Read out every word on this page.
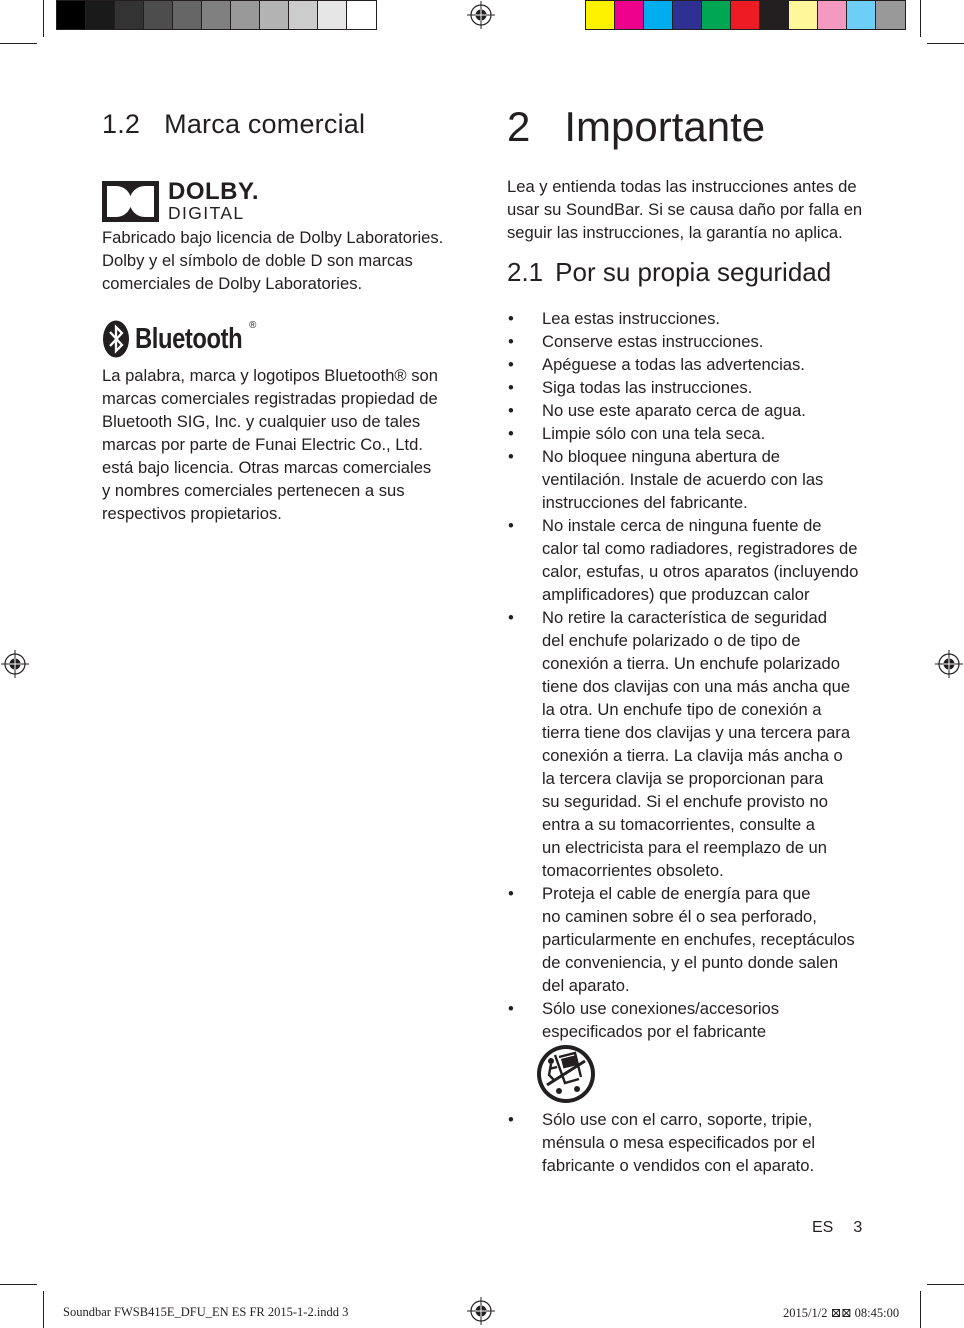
1.2 Marca comercial
DOLBY.
DIGITAL
Fabricado bajo licencia de Dolby Laboratories.
Dolby y el símbolo de doble D son marcas
comerciales de Dolby Laboratories.
Bluetooth ®
La palabra, marca y logotipos Bluetooth® son
marcas comerciales registradas propiedad de
Bluetooth SIG, Inc. y cualquier uso de tales
marcas por parte de Funai Electric Co., Ltd.
está bajo licencia. Otras marcas comerciales
y nombres comerciales pertenecen a sus
respectivos propietarios.
2 Importante
Lea y entienda todas las instrucciones antes de
usar su SoundBar. Si se causa daño por falla en
seguir las instrucciones, la garantía no aplica.
2.1 Por su propia seguridad
• Lea estas instrucciones.
• Conserve estas instrucciones.
• Apéguese a todas las advertencias.
• Siga todas las instrucciones.
• No use este aparato cerca de agua.
• Limpie sólo con una tela seca.
• No bloquee ninguna abertura de
ventilación. Instale de acuerdo con las
instrucciones del fabricante.
• No instale cerca de ninguna fuente de
calor tal como radiadores, registradores de
calor, estufas, u otros aparatos (incluyendo
amplificadores) que produzcan calor
• No retire la característica de seguridad
del enchufe polarizado o de tipo de
conexión a tierra. Un enchufe polarizado
tiene dos clavijas con una más ancha que
la otra. Un enchufe tipo de conexión a
tierra tiene dos clavijas y una tercera para
conexión a tierra. La clavija más ancha o
la tercera clavija se proporcionan para
su seguridad. Si el enchufe provisto no
entra a su tomacorrientes, consulte a
un electricista para el reemplazo de un
tomacorrientes obsoleto.
• Proteja el cable de energía para que
no caminen sobre él o sea perforado,
particularmente en enchufes, receptáculos
de conveniencia, y el punto donde salen
del aparato.
• Sólo use conexiones/accesorios
especificados por el fabricante
• Sólo use con el carro, soporte, tripie,
ménsula o mesa especificados por el
fabricante o vendidos con el aparato.
ES 3
Soundbar FWSB415E_DFU_EN ES FR 2015-1-2.indd 3	2015/1/2 ⊠⊠ 08:45:00
